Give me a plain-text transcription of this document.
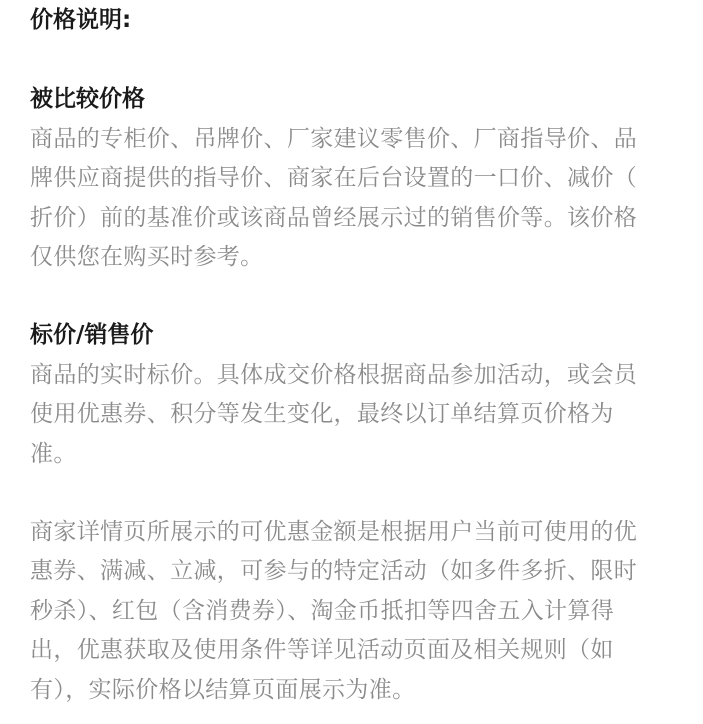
价格说明:
被比较价格

商品的专柜价、吊牌价、厂家建议零售价、厂商指导价、品
牌供应商提供的指导价、商家在后台设置的一口价、减价（
折价）前的基准价或该商品曾经展示过的销售价等。该价格
仅供您在购买时参考。

标价/销售价

商品的实时标价。具体成交价格根据商品参加活动，或会员
使用优惠券、积分等发生变化，最终以订单结算页价格为
准。

商家详情页所展示的可优惠金额是根据用户当前可使用的优
惠券、满减、立减，可参与的特定活动（如多件多折、限时
秒杀）、红包（含消费券）、淘金币抵扣等四舍五入计算得
出，优惠获取及使用条件等详见活动页面及相关规则（如
有），实际价格以结算页面展示为准。
